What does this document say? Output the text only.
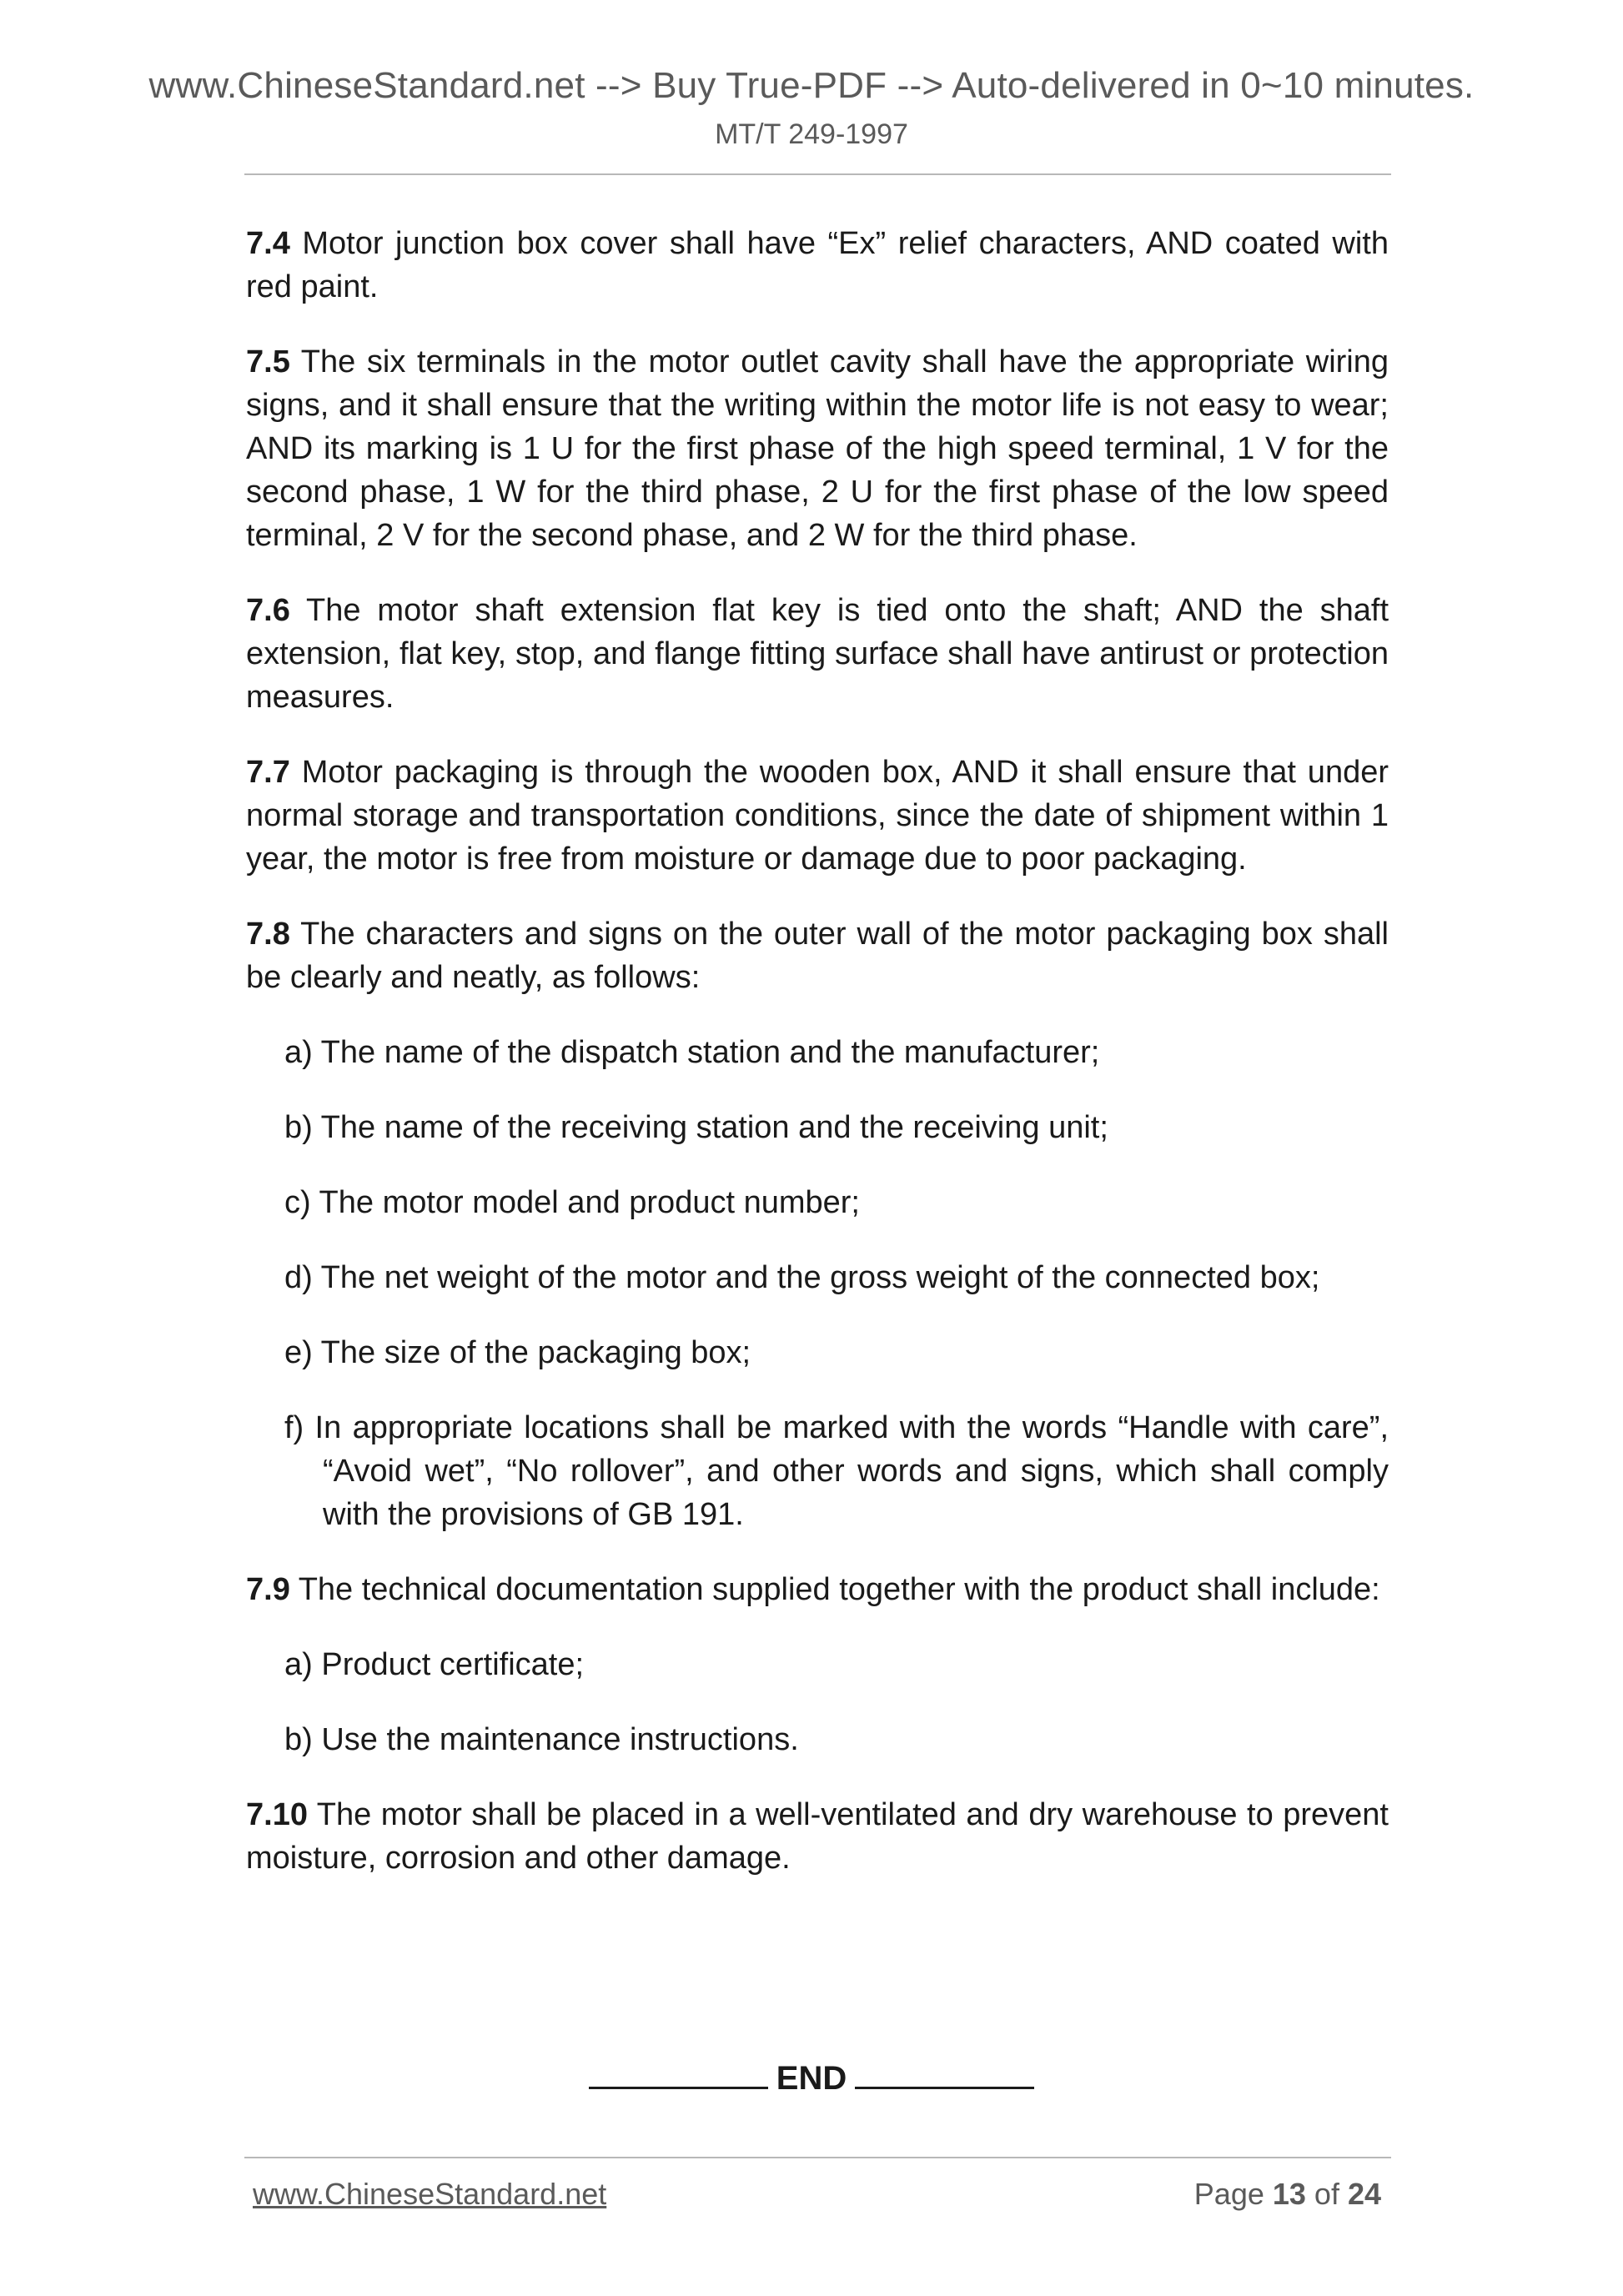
www.ChineseStandard.net --> Buy True-PDF --> Auto-delivered in 0~10 minutes.
MT/T 249-1997

7.4 Motor junction box cover shall have “Ex” relief characters, AND coated with red paint.

7.5 The six terminals in the motor outlet cavity shall have the appropriate wiring signs, and it shall ensure that the writing within the motor life is not easy to wear; AND its marking is 1 U for the first phase of the high speed terminal, 1 V for the second phase, 1 W for the third phase, 2 U for the first phase of the low speed terminal, 2 V for the second phase, and 2 W for the third phase.

7.6 The motor shaft extension flat key is tied onto the shaft; AND the shaft extension, flat key, stop, and flange fitting surface shall have antirust or protection measures.

7.7 Motor packaging is through the wooden box, AND it shall ensure that under normal storage and transportation conditions, since the date of shipment within 1 year, the motor is free from moisture or damage due to poor packaging.

7.8 The characters and signs on the outer wall of the motor packaging box shall be clearly and neatly, as follows:

a) The name of the dispatch station and the manufacturer;

b) The name of the receiving station and the receiving unit;

c) The motor model and product number;

d) The net weight of the motor and the gross weight of the connected box;

e) The size of the packaging box;

f) In appropriate locations shall be marked with the words “Handle with care”, “Avoid wet”, “No rollover”, and other words and signs, which shall comply with the provisions of GB 191.

7.9 The technical documentation supplied together with the product shall include:

a) Product certificate;

b) Use the maintenance instructions.

7.10 The motor shall be placed in a well-ventilated and dry warehouse to prevent moisture, corrosion and other damage.

END
www.ChineseStandard.net	Page 13 of 24
